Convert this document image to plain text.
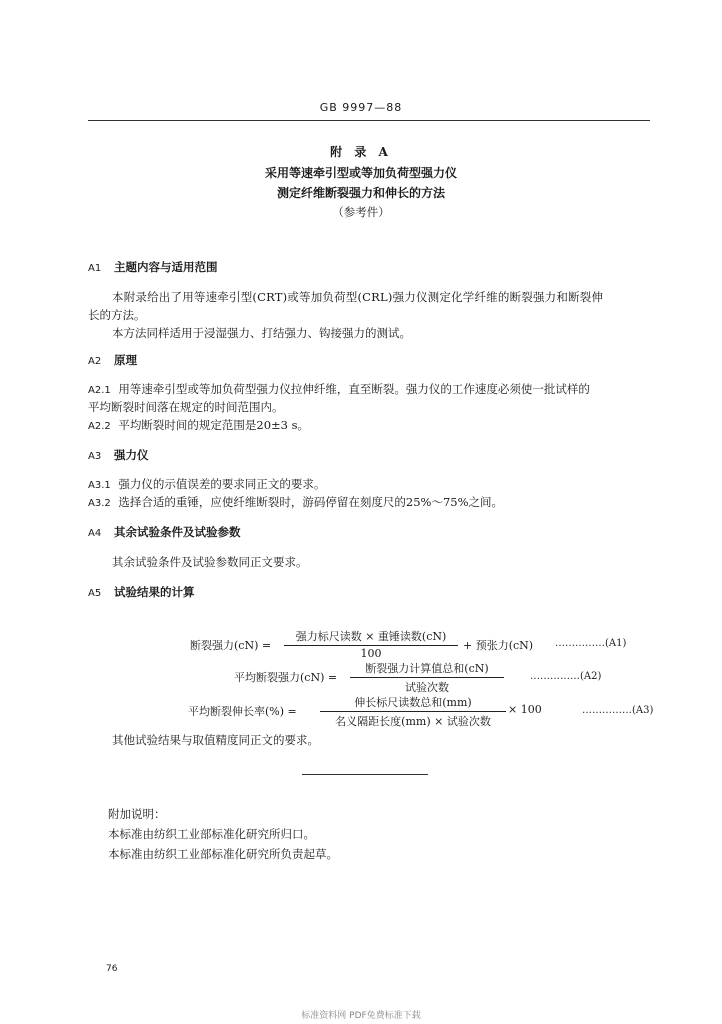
GB 9997—88
附 录 A
采用等速牵引型或等加负荷型强力仪
测定纤维断裂强力和伸长的方法
（参考件）
A1 主题内容与适用范围
本附录给出了用等速牵引型(CRT)或等加负荷型(CRL)强力仪测定化学纤维的断裂强力和断裂伸
长的方法。
本方法同样适用于浸湿强力、打结强力、钩接强力的测试。
A2 原理
A2.1 用等速牵引型或等加负荷型强力仪拉伸纤维，直至断裂。强力仪的工作速度必须使一批试样的
平均断裂时间落在规定的时间范围内。
A2.2 平均断裂时间的规定范围是20±3 s。
A3 强力仪
A3.1 强力仪的示值误差的要求同正文的要求。
A3.2 选择合适的重锤，应使纤维断裂时，游码停留在刻度尺的25%～75%之间。
A4 其余试验条件及试验参数
其余试验条件及试验参数同正文要求。
A5 试验结果的计算
断裂强力(cN) =
强力标尺读数 × 重锤读数(cN)
100
+ 预张力(cN) ……………(A1)
平均断裂强力(cN) =
断裂强力计算值总和(cN)
试验次数
……………(A2)
平均断裂伸长率(%) =
伸长标尺读数总和(mm)
名义隔距长度(mm) × 试验次数
× 100	……………(A3)
其他试验结果与取值精度同正文的要求。
附加说明：
本标准由纺织工业部标准化研究所归口。
本标准由纺织工业部标准化研究所负责起草。
76
标准资料网 PDF免费标准下载
